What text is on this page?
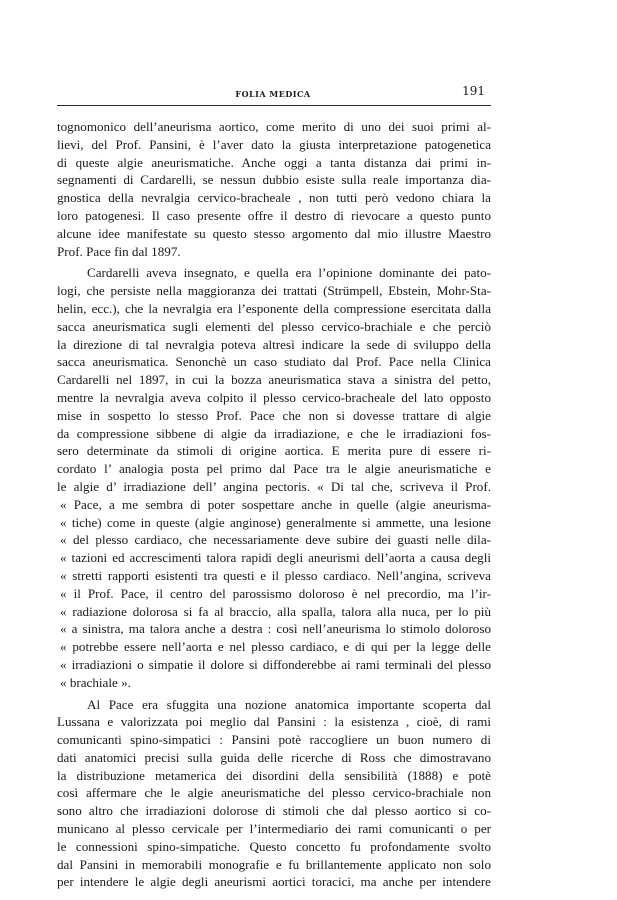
FOLIA MEDICA	191
tognomonico dell’aneurisma aortico, come merito di uno dei suoi primi al-
lievi, del Prof. Pansini, è l’aver dato la giusta interpretazione patogenetica
di queste algie aneurismatiche. Anche oggi a tanta distanza dai primi in-
segnamenti di Cardarelli, se nessun dubbio esiste sulla reale importanza dia-
gnostica della nevralgia cervico-bracheale , non tutti però vedono chiara la
loro patogenesi. Il caso presente offre il destro di rievocare a questo punto
alcune idee manifestate su questo stesso argomento dal mio illustre Maestro
Prof. Pace fin dal 1897.
Cardarelli aveva insegnato, e quella era l’opinione dominante dei pato-
logi, che persiste nella maggioranza dei trattati (Strümpell, Ebstein, Mohr-Sta-
helin, ecc.), che la nevralgia era l’esponente della compressione esercitata dalla
sacca aneurismatica sugli elementi del plesso cervico-brachiale e che perciò
la direzione di tal nevralgia poteva altresì indicare la sede di sviluppo della
sacca aneurismatica. Senonchè un caso studiato dal Prof. Pace nella Clinica
Cardarelli nel 1897, in cui la bozza aneurismatica stava a sinistra del petto,
mentre la nevralgia aveva colpito il plesso cervico-bracheale del lato opposto
mise in sospetto lo stesso Prof. Pace che non si dovesse trattare di algie
da compressione sibbene di algie da irradiazione, e che le irradiazioni fos-
sero determinate da stimoli di origine aortica. E merita pure di essere ri-
cordato l’ analogia posta pel primo dal Pace tra le algie aneurismatiche e
le algie d’ irradiazione dell’ angina pectoris. « Di tal che, scriveva il Prof.
« Pace, a me sembra di poter sospettare anche in quelle (algie aneurisma-
« tiche) come in queste (algie anginose) generalmente si ammette, una lesione
« del plesso cardiaco, che necessariamente deve subire dei guasti nelle dila-
« tazioni ed accrescimenti talora rapidi degli aneurismi dell’aorta a causa degli
« stretti rapporti esistenti tra questi e il plesso cardiaco. Nell’angina, scriveva
« il Prof. Pace, il centro del parossismo doloroso è nel precordio, ma l’ir-
« radiazione dolorosa si fa al braccio, alla spalla, talora alla nuca, per lo più
« a sinistra, ma talora anche a destra : così nell’aneurisma lo stimolo doloroso
« potrebbe essere nell’aorta e nel plesso cardiaco, e di qui per la legge delle
« irradiazioni o simpatie il dolore si diffonderebbe ai rami terminali del plesso
« brachiale ».
Al Pace era sfuggita una nozione anatomica importante scoperta dal
Lussana e valorizzata poi meglio dal Pansini : la esistenza , cioè, di rami
comunicanti spino-simpatici : Pansini potè raccogliere un buon numero di
dati anatomici precisi sulla guida delle ricerche di Ross che dimostravano
la distribuzione metamerica dei disordini della sensibilità (1888) e potè
così affermare che le algie aneurismatiche del plesso cervico-brachiale non
sono altro che irradiazioni dolorose di stimoli che dal plesso aortico si co-
municano al plesso cervicale per l’intermediario dei rami comunicanti o per
le connessioni spino-simpatiche. Questo concetto fu profondamente svolto
dal Pansini in memorabili monografie e fu brillantemente applicato non solo
per intendere le algie degli aneurismi aortici toracici, ma anche per intendere
